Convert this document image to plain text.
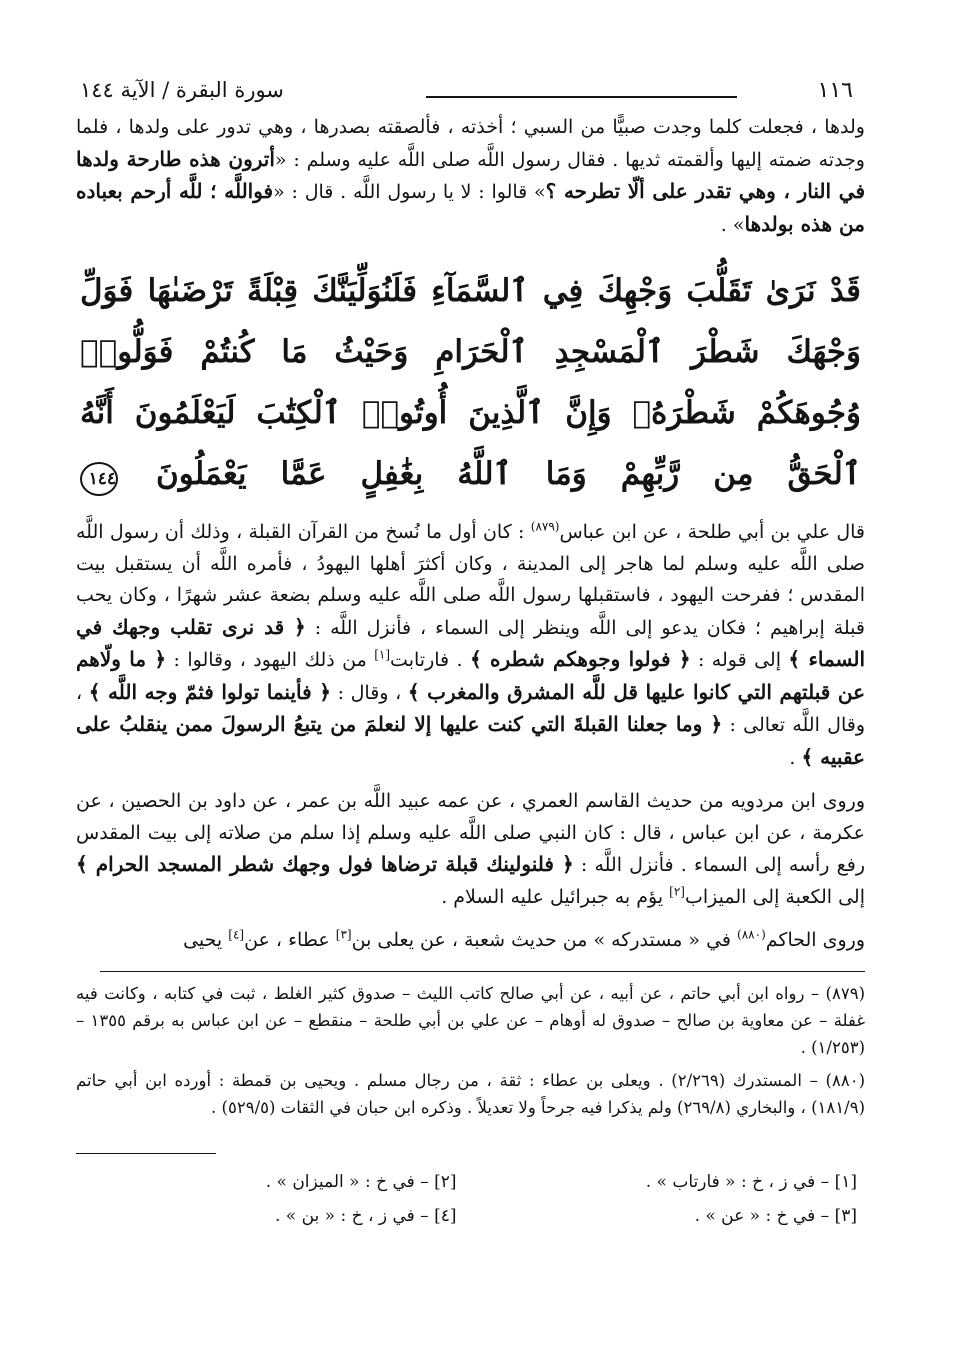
١١٦
سورة البقرة / الآية ١٤٤
ولدها ، فجعلت كلما وجدت صبيًّا من السبي ؛ أخذته ، فألصقته بصدرها ، وهي تدور على ولدها ، فلما وجدته ضمته إليها وألقمته ثديها . فقال رسول اللَّه صلى اللَّه عليه وسلم : «أترون هذه طارحة ولدها في النار ، وهي تقدر على ألّا تطرحه ؟» قالوا : لا يا رسول اللَّه . قال : «فواللَّه ؛ للَّه أرحم بعباده من هذه بولدها» .
قَدْ نَرَىٰ تَقَلُّبَ وَجْهِكَ فِي ٱلسَّمَآءِ فَلَنُوَلِّيَنَّكَ قِبْلَةً تَرْضَىٰهَا فَوَلِّ وَجْهَكَ شَطْرَ ٱلْمَسْجِدِ ٱلْحَرَامِ وَحَيْثُ مَا كُنتُمْ فَوَلُّوا۟ وُجُوهَكُمْ شَطْرَهُۥ وَإِنَّ ٱلَّذِينَ أُوتُوا۟ ٱلْكِتَٰبَ لَيَعْلَمُونَ أَنَّهُ ٱلْحَقُّ مِن رَّبِّهِمْ وَمَا ٱللَّهُ بِغَٰفِلٍ عَمَّا يَعْمَلُونَ ١٤٤
قال علي بن أبي طلحة ، عن ابن عباس$^{(٨٧٩)}$ : كان أول ما نُسخ من القرآن القبلة ، وذلك أن رسول اللَّه صلى اللَّه عليه وسلم لما هاجر إلى المدينة ، وكان أكثرَ أهلها اليهودُ ، فأمره اللَّه أن يستقبل بيت المقدس ؛ ففرحت اليهود ، فاستقبلها رسول اللَّه صلى اللَّه عليه وسلم بضعة عشر شهرًا ، وكان يحب قبلة إبراهيم ؛ فكان يدعو إلى اللَّه وينظر إلى السماء ، فأنزل اللَّه : ﴿ قد نرى تقلب وجهك في السماء ﴾ إلى قوله : ﴿ فولوا وجوهكم شطره ﴾ . فارتابت[١] من ذلك اليهود ، وقالوا : ﴿ ما ولّاهم عن قبلتهم التي كانوا عليها قل للَّه المشرق والمغرب ﴾ ، وقال : ﴿ فأينما تولوا فثمّ وجه اللَّه ﴾ ، وقال اللَّه تعالى : ﴿ وما جعلنا القبلةَ التي كنت عليها إلا لنعلمَ من يتبعُ الرسولَ ممن ينقلبُ على عقبيه ﴾ .
وروى ابن مردويه من حديث القاسم العمري ، عن عمه عبيد اللَّه بن عمر ، عن داود بن الحصين ، عن عكرمة ، عن ابن عباس ، قال : كان النبي صلى اللَّه عليه وسلم إذا سلم من صلاته إلى بيت المقدس رفع رأسه إلى السماء . فأنزل اللَّه : ﴿ فلنولينك قبلة ترضاها فول وجهك شطر المسجد الحرام ﴾ إلى الكعبة إلى الميزاب[٢] يؤم به جبرائيل عليه السلام .
وروى الحاكم$^{(٨٨٠)}$ في « مستدركه » من حديث شعبة ، عن يعلى بن[٣] عطاء ، عن[٤] يحيى

(٨٧٩) – رواه ابن أبي حاتم ، عن أبيه ، عن أبي صالح كاتب الليث – صدوق كثير الغلط ، ثبت في كتابه ، وكانت فيه غفلة – عن معاوية بن صالح – صدوق له أوهام – عن علي بن أبي طلحة – منقطع – عن ابن عباس به برقم ١٣٥٥ – (١/٢٥٣) .

(٨٨٠) – المستدرك (٢/٢٦٩) . ويعلى بن عطاء : ثقة ، من رجال مسلم . ويحيى بن قمطة : أورده ابن أبي حاتم (١٨١/٩) ، والبخاري (٢٦٩/٨) ولم يذكرا فيه جرحاً ولا تعديلاً . وذكره ابن حبان في الثقات (٥٢٩/٥) .

[١] – في ز ، خ : « فارتاب » .
[٢] – في خ : « الميزان » .
[٣] – في خ : « عن » .
[٤] – في ز ، خ : « بن » .
